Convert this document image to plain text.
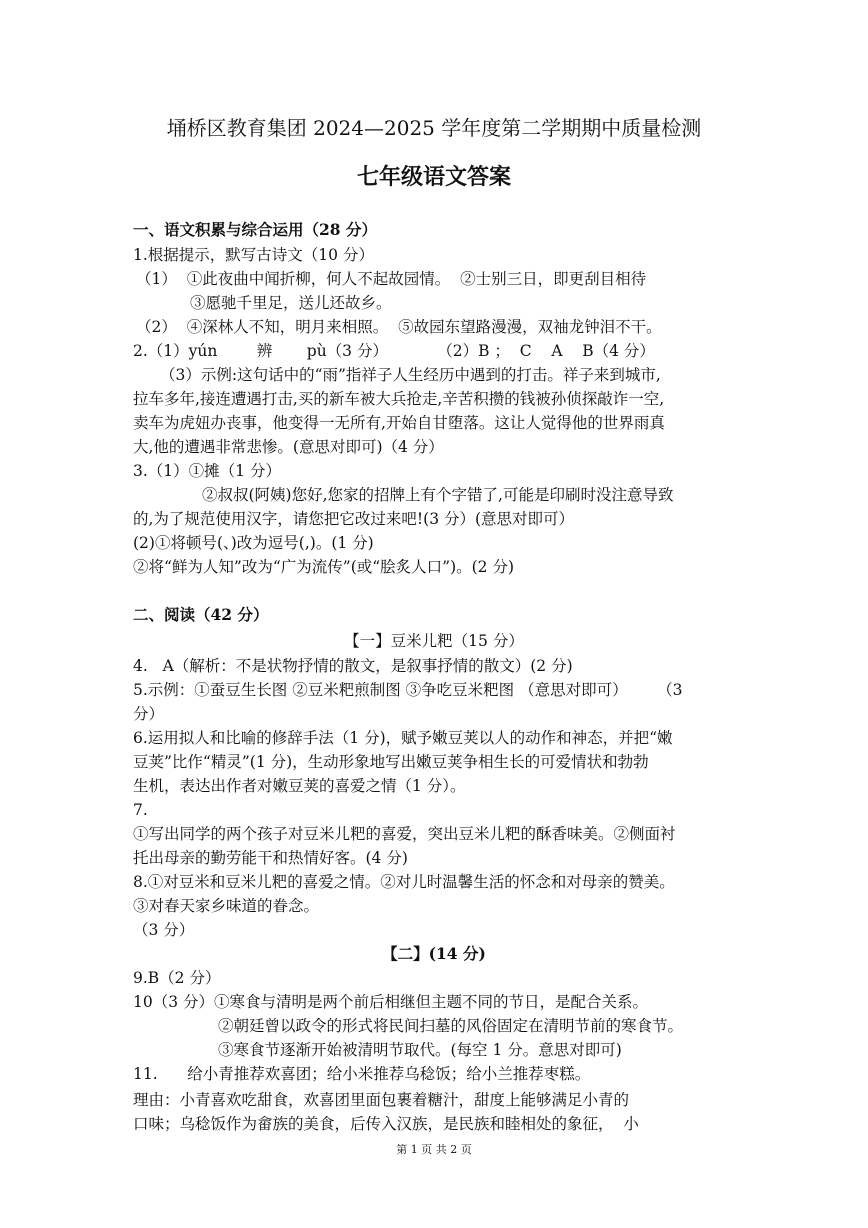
埇桥区教育集团 2024—2025 学年度第二学期期中质量检测
七年级语文答案
一、语文积累与综合运用（28 分）
1.根据提示，默写古诗文（10 分）
（1）  ①此夜曲中闻折柳，何人不起故园情。  ②士别三日，即更刮目相待
③愿驰千里足，送儿还故乡。
（2）  ④深林人不知，明月来相照。  ⑤故园东望路漫漫，双袖龙钟泪不干。
2.（1）yún        辨       pù（3 分）          （2）B ；  C    A    B（4 分）
（3）示例:这句话中的“雨”指祥子人生经历中遇到的打击。祥子来到城市,
拉车多年,接连遭遇打击,买的新车被大兵抢走,辛苦积攒的钱被孙侦探敲诈一空,
卖车为虎妞办丧事，他变得一无所有,开始自甘堕落。这让人觉得他的世界雨真
大,他的遭遇非常悲惨。(意思对即可)（4 分）
3.（1）①摊（1 分）
②叔叔(阿姨)您好,您家的招牌上有个字错了,可能是印刷时没注意导致
的,为了规范使用汉字，请您把它改过来吧!(3 分）(意思对即可）
(2)①将顿号(、)改为逗号(,)。(1 分)
②将“鲜为人知”改为“广为流传”(或“脍炙人口”)。(2 分)
二、阅读（42 分）
【一】豆米儿粑（15 分）
4.   A（解析：不是状物抒情的散文，是叙事抒情的散文）(2 分)
5.示例：①蚕豆生长图 ②豆米粑煎制图 ③争吃豆米粑图 （意思对即可）      （3
分）
6.运用拟人和比喻的修辞手法（1 分)，赋予嫩豆荚以人的动作和神态，并把“嫩
豆荚”比作“精灵”(1 分)，生动形象地写出嫩豆荚争相生长的可爱情状和勃勃
生机，表达出作者对嫩豆荚的喜爱之情（1 分）。
7.
①写出同学的两个孩子对豆米儿粑的喜爱，突出豆米儿粑的酥香味美。②侧面衬
托出母亲的勤劳能干和热情好客。(4 分)
8.①对豆米和豆米儿粑的喜爱之情。②对儿时温馨生活的怀念和对母亲的赞美。
③对春天家乡味道的眷念。
（3 分）
【二】(14 分)
9.B（2 分）
10（3 分）①寒食与清明是两个前后相继但主题不同的节日，是配合关系。
②朝廷曾以政令的形式将民间扫墓的风俗固定在清明节前的寒食节。
③寒食节逐渐开始被清明节取代。(每空 1 分。意思对即可)
11.      给小青推荐欢喜团；给小米推荐乌稔饭；给小兰推荐枣糕。
理由：小青喜欢吃甜食，欢喜团里面包裹着糖汁，甜度上能够满足小青的
口味；乌稔饭作为畲族的美食，后传入汉族，是民族和睦相处的象征，  小
第 1 页 共 2 页
